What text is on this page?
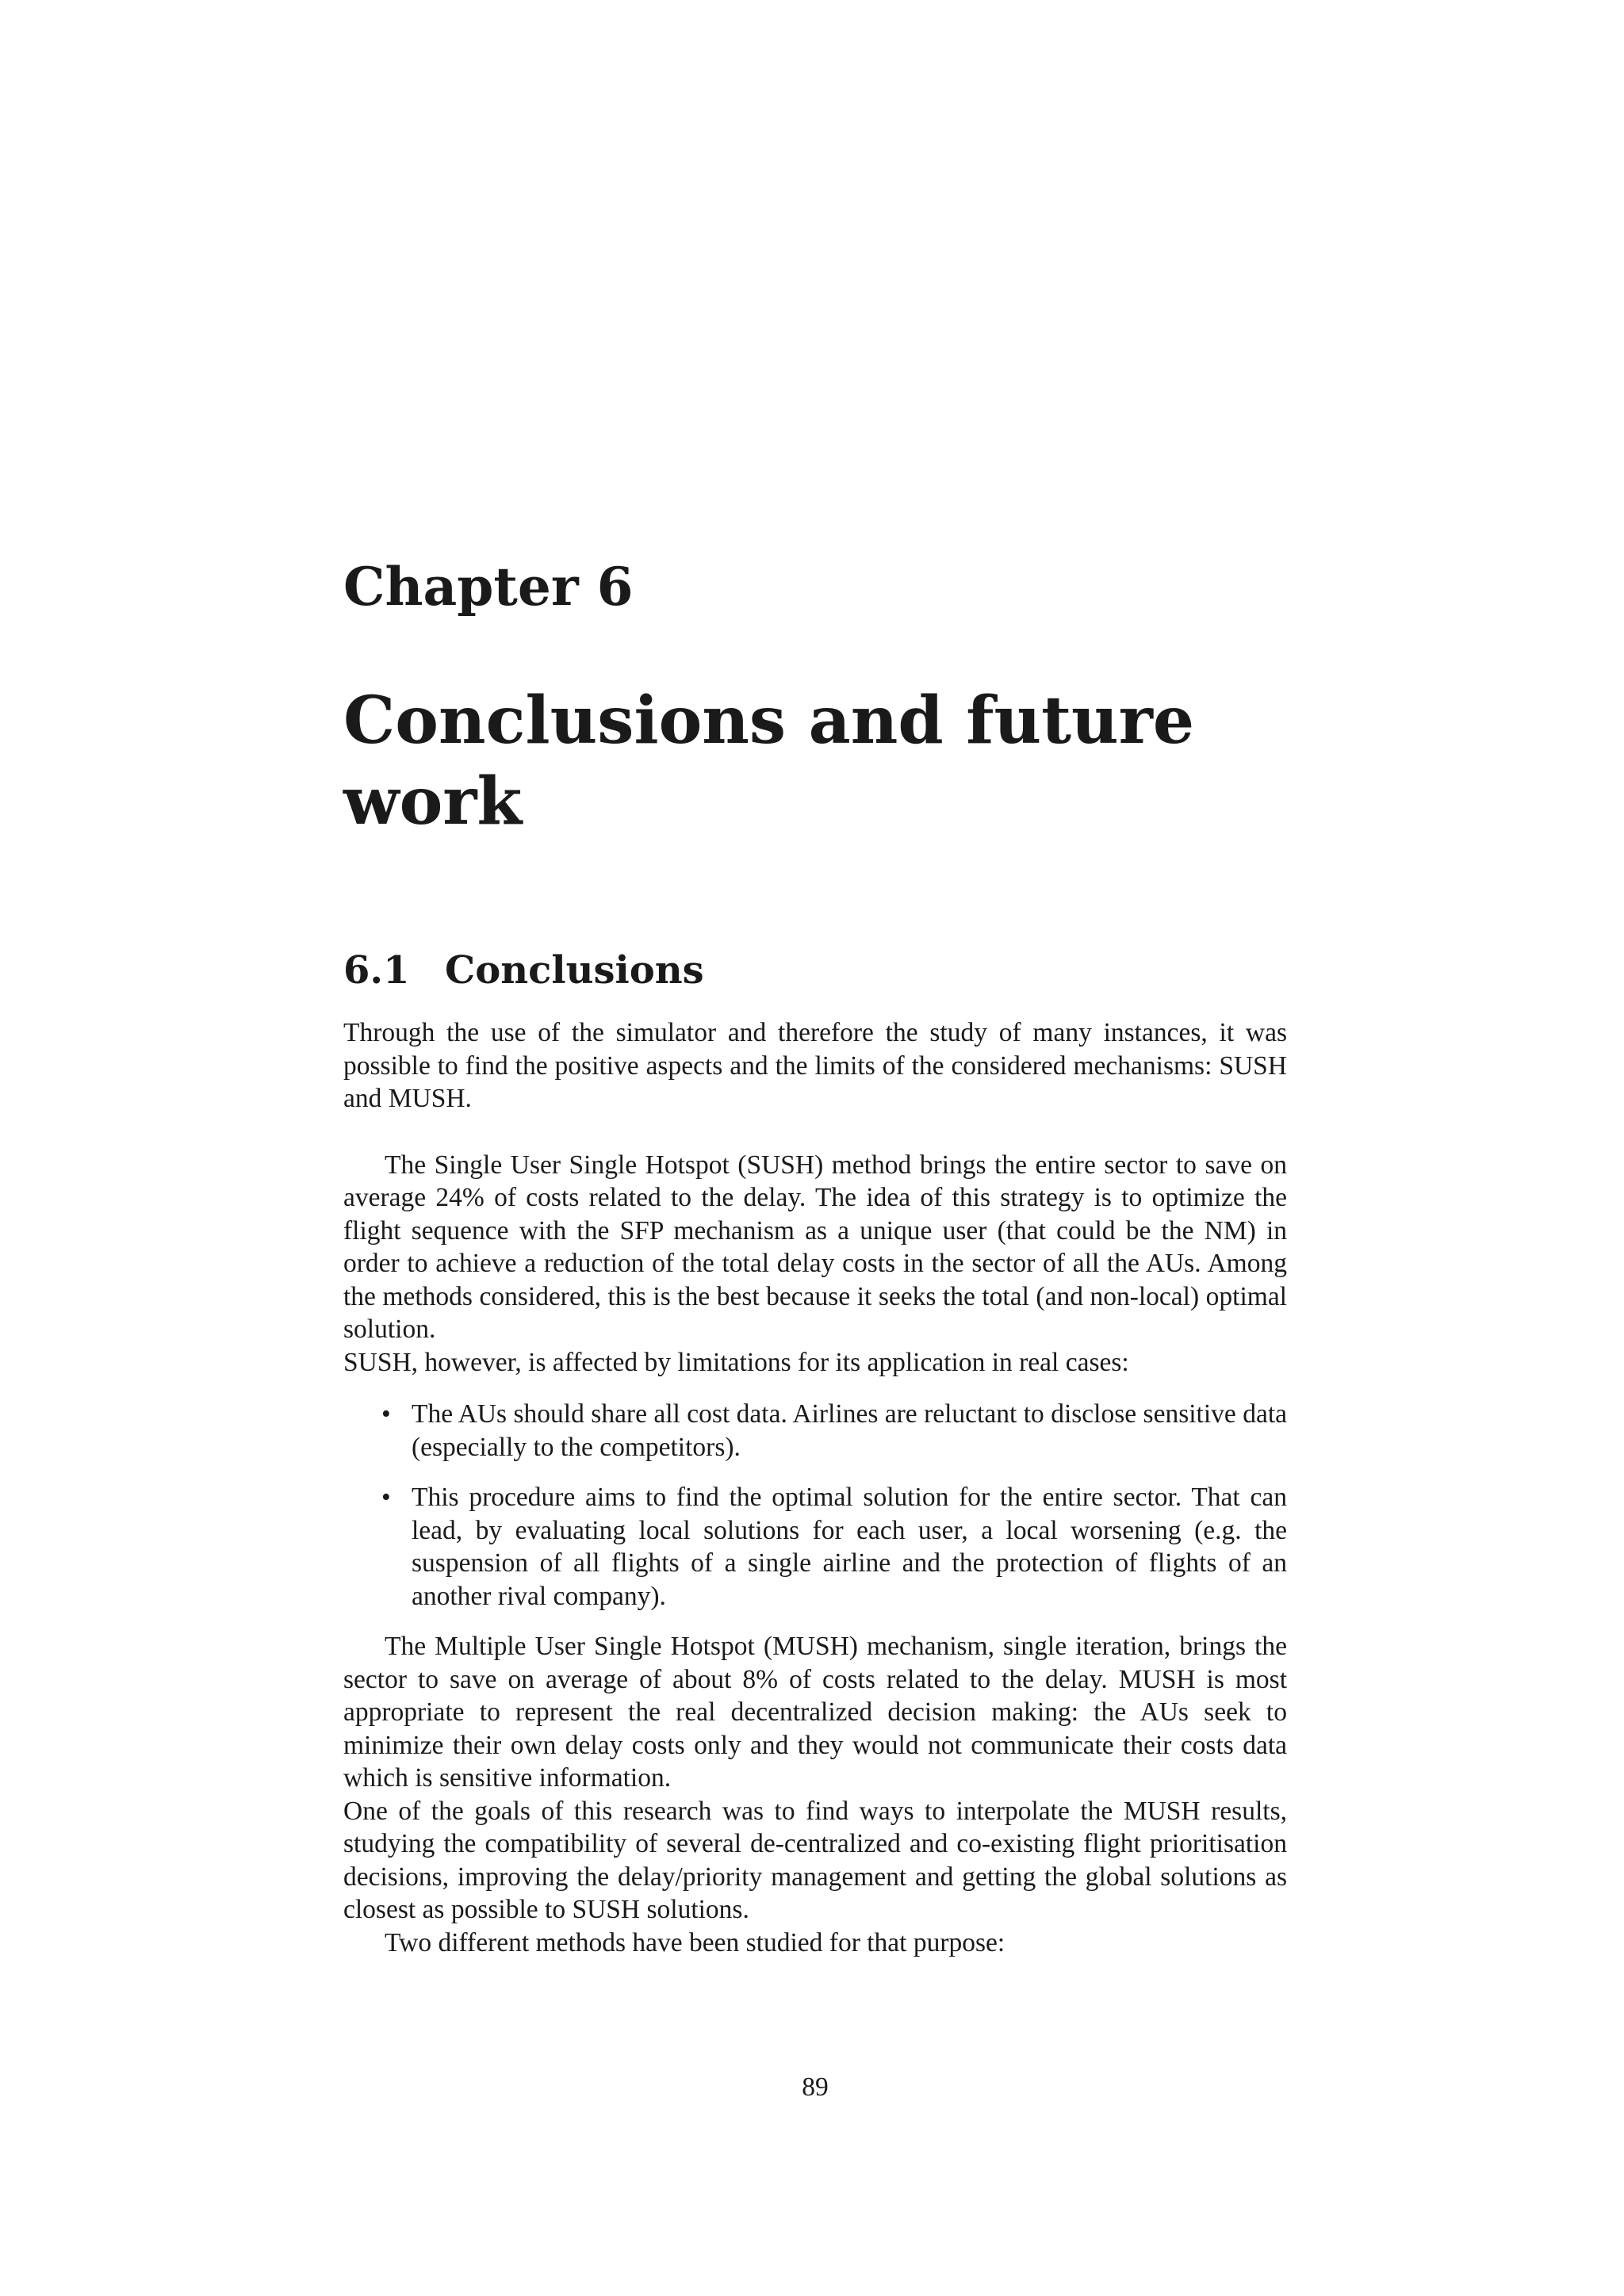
Chapter 6
Conclusions and future work
6.1 Conclusions

Through the use of the simulator and therefore the study of many instances, it was possible to find the positive aspects and the limits of the considered mechanisms: SUSH and MUSH.

The Single User Single Hotspot (SUSH) method brings the entire sector to save on average 24% of costs related to the delay. The idea of this strategy is to optimize the flight sequence with the SFP mechanism as a unique user (that could be the NM) in order to achieve a reduction of the total delay costs in the sector of all the AUs. Among the methods considered, this is the best because it seeks the total (and non-local) optimal solution.

SUSH, however, is affected by limitations for its application in real cases:

• The AUs should share all cost data. Airlines are reluctant to disclose sensitive data (especially to the competitors).
• This procedure aims to find the optimal solution for the entire sector. That can lead, by evaluating local solutions for each user, a local worsening (e.g. the suspension of all flights of a single airline and the protection of flights of an another rival company).

The Multiple User Single Hotspot (MUSH) mechanism, single iteration, brings the sector to save on average of about 8% of costs related to the delay. MUSH is most appropriate to represent the real decentralized decision making: the AUs seek to minimize their own delay costs only and they would not communicate their costs data which is sensitive information.

One of the goals of this research was to find ways to interpolate the MUSH results, studying the compatibility of several de-centralized and co-existing flight prioritisation decisions, improving the delay/priority management and getting the global solutions as closest as possible to SUSH solutions.

Two different methods have been studied for that purpose:

89
